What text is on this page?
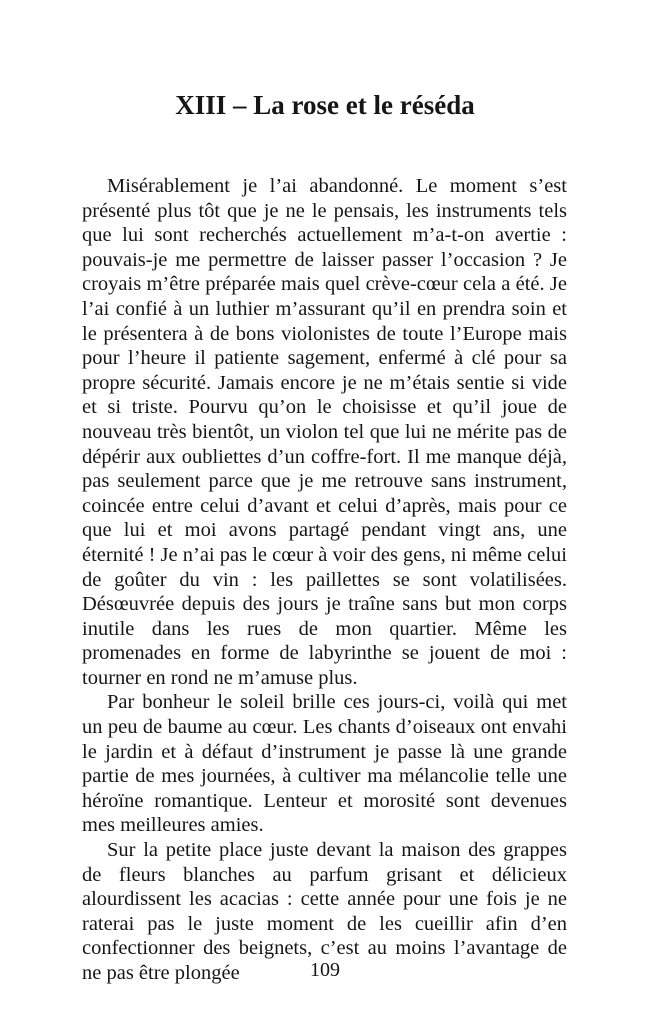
XIII – La rose et le réséda

Misérablement je l’ai abandonné. Le moment s’est présenté plus tôt que je ne le pensais, les instruments tels que lui sont recherchés actuellement m’a-t-on avertie : pouvais-je me permettre de laisser passer l’occasion ? Je croyais m’être préparée mais quel crève-cœur cela a été. Je l’ai confié à un luthier m’assurant qu’il en prendra soin et le présentera à de bons violonistes de toute l’Europe mais pour l’heure il patiente sagement, enfermé à clé pour sa propre sécurité. Jamais encore je ne m’étais sentie si vide et si triste. Pourvu qu’on le choisisse et qu’il joue de nouveau très bientôt, un violon tel que lui ne mérite pas de dépérir aux oubliettes d’un coffre-fort. Il me manque déjà, pas seulement parce que je me retrouve sans instrument, coincée entre celui d’avant et celui d’après, mais pour ce que lui et moi avons partagé pendant vingt ans, une éternité ! Je n’ai pas le cœur à voir des gens, ni même celui de goûter du vin : les paillettes se sont volatilisées. Désœuvrée depuis des jours je traîne sans but mon corps inutile dans les rues de mon quartier. Même les promenades en forme de labyrinthe se jouent de moi : tourner en rond ne m’amuse plus.

Par bonheur le soleil brille ces jours-ci, voilà qui met un peu de baume au cœur. Les chants d’oiseaux ont envahi le jardin et à défaut d’instrument je passe là une grande partie de mes journées, à cultiver ma mélancolie telle une héroïne romantique. Lenteur et morosité sont devenues mes meilleures amies.

Sur la petite place juste devant la maison des grappes de fleurs blanches au parfum grisant et délicieux alourdissent les acacias : cette année pour une fois je ne raterai pas le juste moment de les cueillir afin d’en confectionner des beignets, c’est au moins l’avantage de ne pas être plongée	109
